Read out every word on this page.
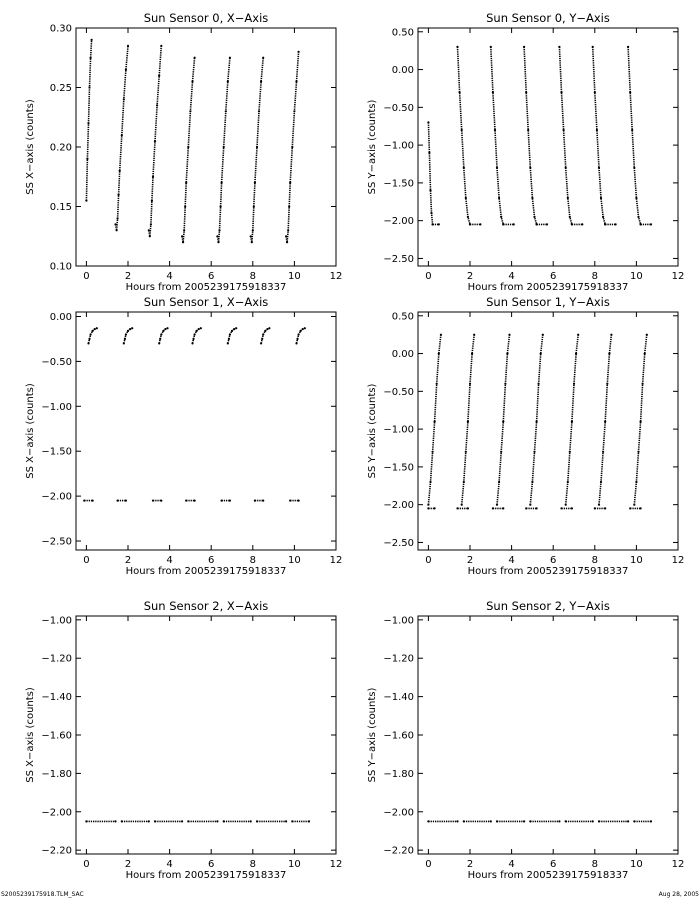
0	2	4	6	8	10	12
0.10
0.15
0.20
0.25
0.30
Sun Sensor 0, X−Axis
Hours from 2005239175918337
SS X−axis (counts)
0	2	4	6	8	10	12
−2.50
−2.00
−1.50
−1.00
−0.50
0.00
0.50
Sun Sensor 0, Y−Axis
Hours from 2005239175918337
SS Y−axis (counts)
0	2	4	6	8	10	12
−2.50
−2.00
−1.50
−1.00
−0.50
0.00
Sun Sensor 1, X−Axis
Hours from 2005239175918337
SS X−axis (counts)
0	2	4	6	8	10	12
−2.50
−2.00
−1.50
−1.00
−0.50
0.00
0.50
Sun Sensor 1, Y−Axis
Hours from 2005239175918337
SS Y−axis (counts)
0	2	4	6	8	10	12
−2.20
−2.00
−1.80
−1.60
−1.40
−1.20
−1.00
Sun Sensor 2, X−Axis
Hours from 2005239175918337
SS X−axis (counts)
0	2	4	6	8	10	12
−2.20
−2.00
−1.80
−1.60
−1.40
−1.20
−1.00
Sun Sensor 2, Y−Axis
Hours from 2005239175918337
SS Y−axis (counts)
S2005239175918.TLM_SAC	Aug 28, 2005
